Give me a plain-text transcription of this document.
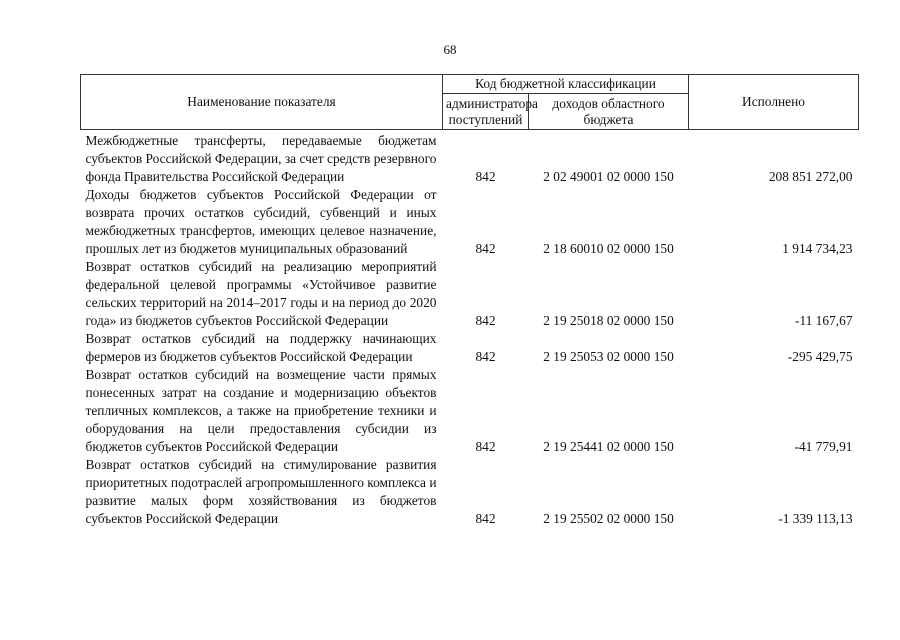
68
Наименование показателя	Код бюджетной классификации		Исполнено
	администратора поступлений	доходов областного бюджета	
Межбюджетные трансферты, передаваемые бюджетам субъектов Российской Федерации, за счет средств резервного фонда Правительства Российской Федерации	842	2 02 49001 02 0000 150	208 851 272,00
Доходы бюджетов субъектов Российской Федерации от возврата прочих остатков субсидий, субвенций и иных межбюджетных трансфертов, имеющих целевое назначение, прошлых лет из бюджетов муниципальных образований	842	2 18 60010 02 0000 150	1 914 734,23
Возврат остатков субсидий на реализацию мероприятий федеральной целевой программы «Устойчивое развитие сельских территорий на 2014–2017 годы и на период до 2020 года» из бюджетов субъектов Российской Федерации	842	2 19 25018 02 0000 150	-11 167,67
Возврат остатков субсидий на поддержку начинающих фермеров из бюджетов субъектов Российской Федерации	842	2 19 25053 02 0000 150	-295 429,75
Возврат остатков субсидий на возмещение части прямых понесенных затрат на создание и модернизацию объектов тепличных комплексов, а также на приобретение техники и оборудования на цели предоставления субсидии из бюджетов субъектов Российской Федерации	842	2 19 25441 02 0000 150	-41 779,91
Возврат остатков субсидий на стимулирование развития приоритетных подотраслей агропромышленного комплекса и развитие малых форм хозяйствования из бюджетов субъектов Российской Федерации	842	2 19 25502 02 0000 150	-1 339 113,13
